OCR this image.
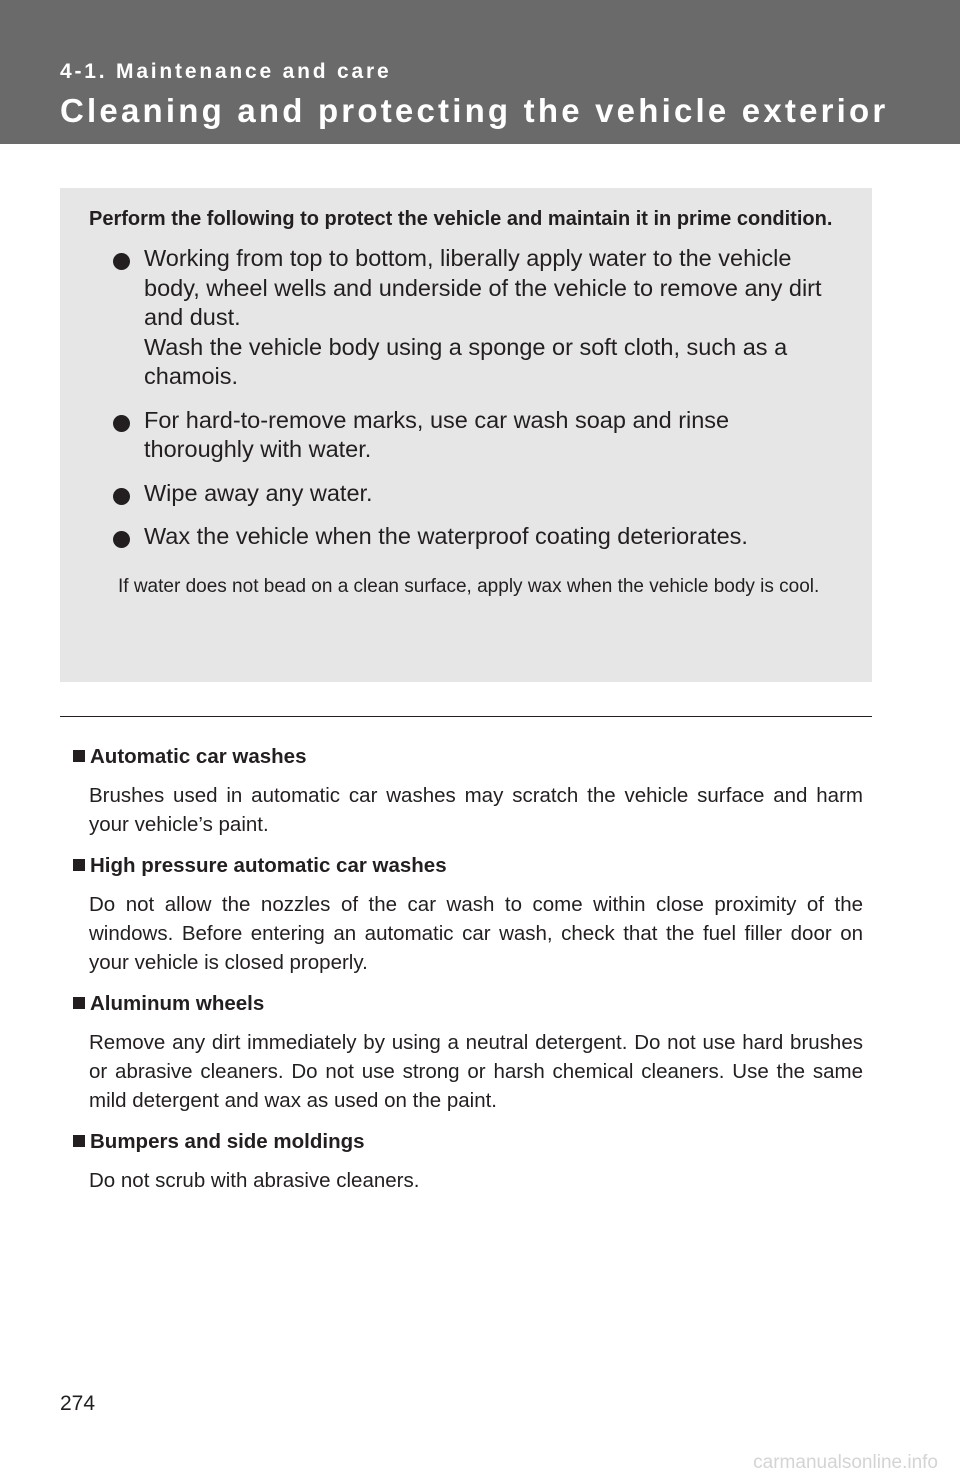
4-1. Maintenance and care
Cleaning and protecting the vehicle exterior

Perform the following to protect the vehicle and maintain it in prime condition.

Working from top to bottom, liberally apply water to the vehicle body, wheel wells and underside of the vehicle to remove any dirt and dust.
Wash the vehicle body using a sponge or soft cloth, such as a chamois.
For hard-to-remove marks, use car wash soap and rinse thoroughly with water.
Wipe away any water.
Wax the vehicle when the waterproof coating deteriorates.
If water does not bead on a clean surface, apply wax when the vehicle body is cool.
Automatic car washes

Brushes used in automatic car washes may scratch the vehicle surface and harm your vehicle’s paint.

High pressure automatic car washes

Do not allow the nozzles of the car wash to come within close proximity of the windows. Before entering an automatic car wash, check that the fuel filler door on your vehicle is closed properly.

Aluminum wheels

Remove any dirt immediately by using a neutral detergent. Do not use hard brushes or abrasive cleaners. Do not use strong or harsh chemical cleaners. Use the same mild detergent and wax as used on the paint.

Bumpers and side moldings

Do not scrub with abrasive cleaners.

274
carmanualsonline.info
